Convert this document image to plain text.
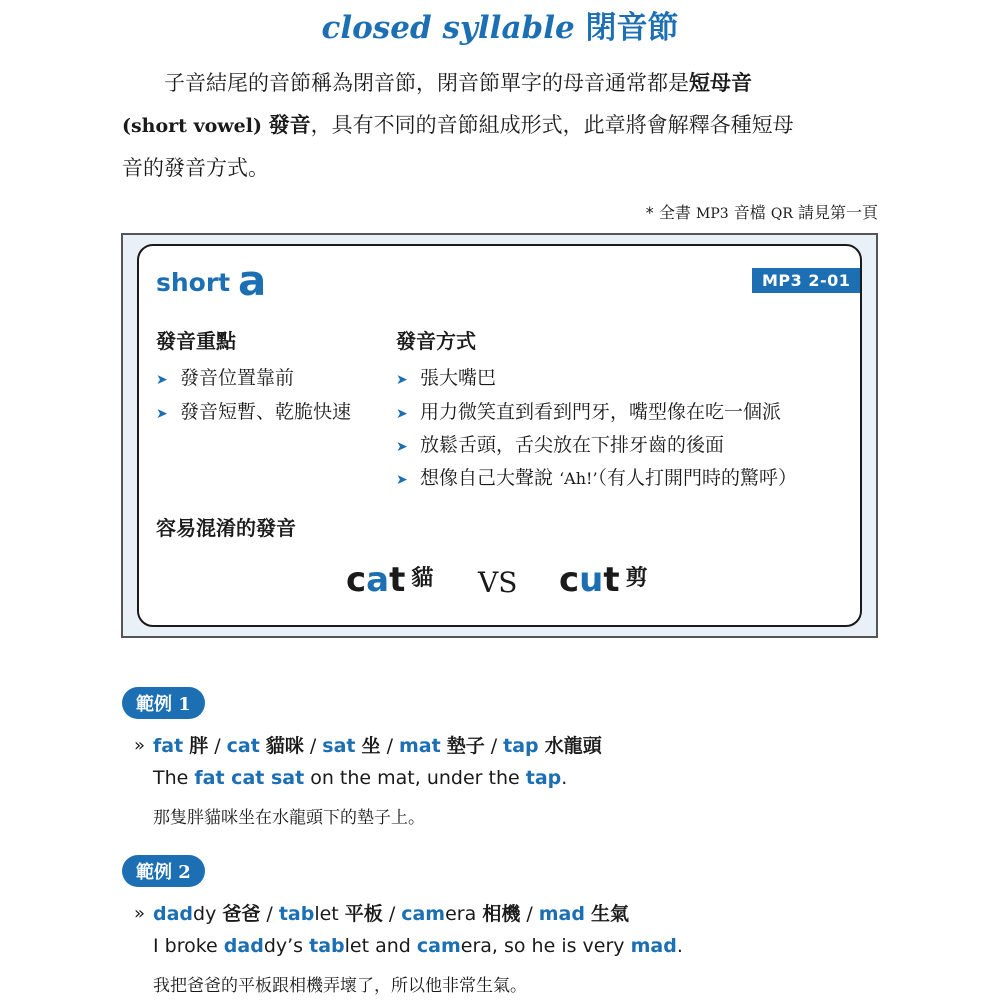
closed syllable 閉音節
子音結尾的音節稱為閉音節，閉音節單字的母音通常都是短母音
(short vowel) 發音，具有不同的音節組成形式，此章將會解釋各種短母
音的發音方式。
* 全書 MP3 音檔 QR 請見第一頁
short a	MP3 2-01
發音重點
➤ 發音位置靠前
➤ 發音短暫、乾脆快速
發音方式
➤ 張大嘴巴
➤ 用力微笑直到看到門牙，嘴型像在吃一個派
➤ 放鬆舌頭，舌尖放在下排牙齒的後面
➤ 想像自己大聲說 ‘Ah!’（有人打開門時的驚呼）
容易混淆的發音
cat 貓 VS cut 剪
範例 1
» fat 胖 / cat 貓咪 / sat 坐 / mat 墊子 / tap 水龍頭
The fat cat sat on the mat, under the tap.
那隻胖貓咪坐在水龍頭下的墊子上。
範例 2
» daddy 爸爸 / tablet 平板 / camera 相機 / mad 生氣
I broke daddy’s tablet and camera, so he is very mad.
我把爸爸的平板跟相機弄壞了，所以他非常生氣。
